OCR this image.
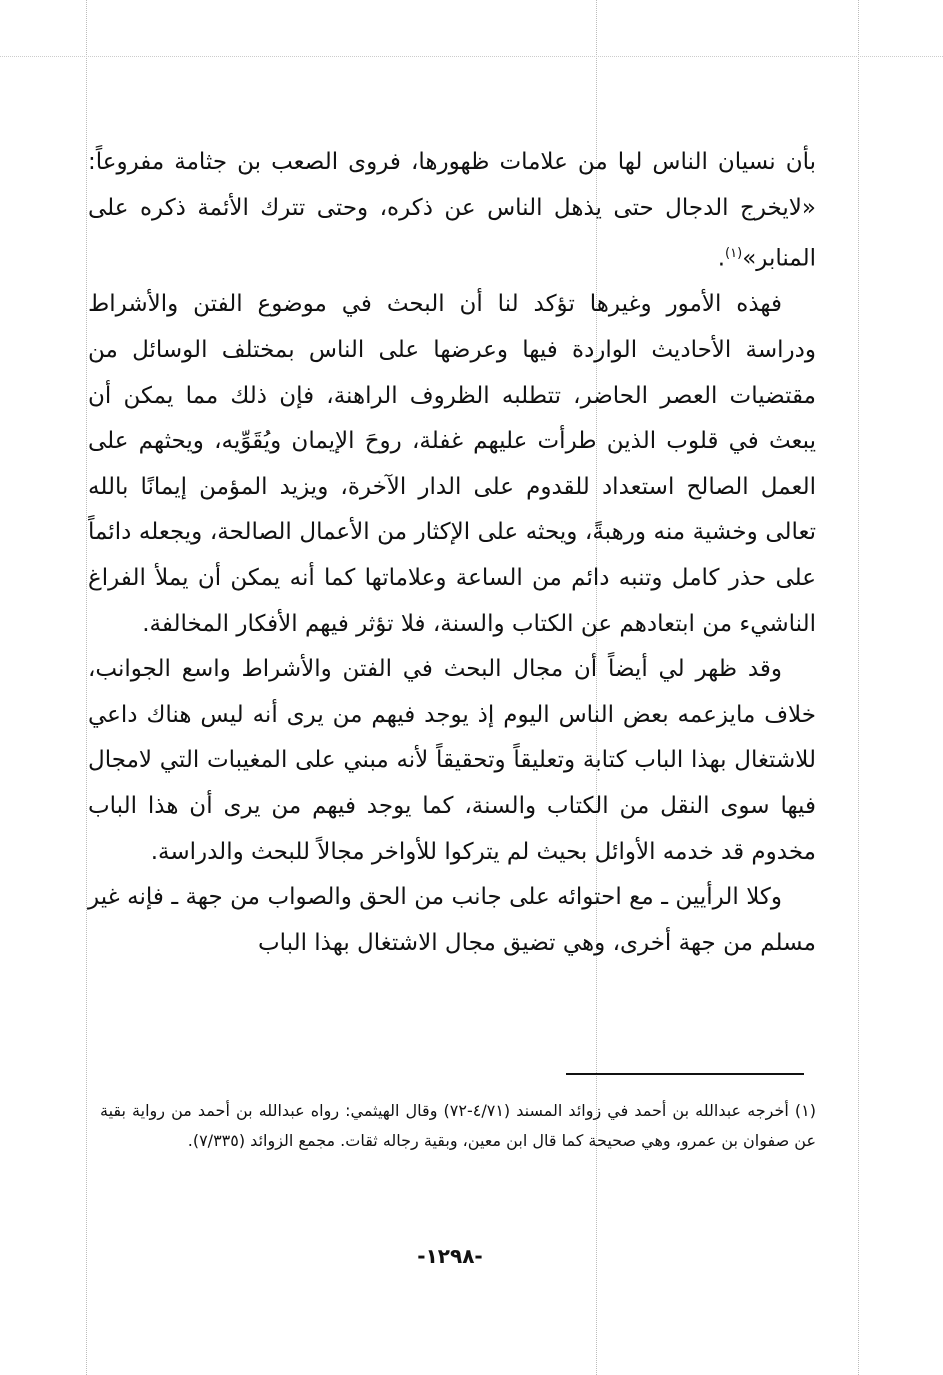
بأن نسيان الناس لها من علامات ظهورها، فروى الصعب بن جثامة مفروعاً: «لايخرج الدجال حتى يذهل الناس عن ذكره، وحتى تترك الأئمة ذكره على المنابر»$^{(١)}$.

فهذه الأمور وغيرها تؤكد لنا أن البحث في موضوع الفتن والأشراط ودراسة الأحاديث الواردة فيها وعرضها على الناس بمختلف الوسائل من مقتضيات العصر الحاضر، تتطلبه الظروف الراهنة، فإن ذلك مما يمكن أن يبعث في قلوب الذين طرأت عليهم غفلة، روحَ الإيمان ويُقَوِّيه، ويحثهم على العمل الصالح استعداد للقدوم على الدار الآخرة، ويزيد المؤمن إيمانًا بالله تعالى وخشية منه ورهبةً، ويحثه على الإكثار من الأعمال الصالحة، ويجعله دائماً على حذر كامل وتنبه دائم من الساعة وعلاماتها كما أنه يمكن أن يملأ الفراغ الناشيء من ابتعادهم عن الكتاب والسنة، فلا تؤثر فيهم الأفكار المخالفة.

وقد ظهر لي أيضاً أن مجال البحث في الفتن والأشراط واسع الجوانب، خلاف مايزعمه بعض الناس اليوم إذ يوجد فيهم من يرى أنه ليس هناك داعي للاشتغال بهذا الباب كتابة وتعليقاً وتحقيقاً لأنه مبني على المغيبات التي لامجال فيها سوى النقل من الكتاب والسنة، كما يوجد فيهم من يرى أن هذا الباب مخدوم قد خدمه الأوائل بحيث لم يتركوا للأواخر مجالاً للبحث والدراسة.

وكلا الرأيين ـ مع احتوائه على جانب من الحق والصواب من جهة ـ فإنه غير مسلم من جهة أخرى، وهي تضيق مجال الاشتغال بهذا الباب

(١) أخرجه عبدالله بن أحمد في زوائد المسند (٤/٧١-٧٢) وقال الهيثمي: رواه عبدالله بن أحمد من رواية بقية عن صفوان بن عمرو، وهي صحيحة كما قال ابن معين، وبقية رجاله ثقات. مجمع الزوائد (٧/٣٣٥).

-١٢٩٨-
